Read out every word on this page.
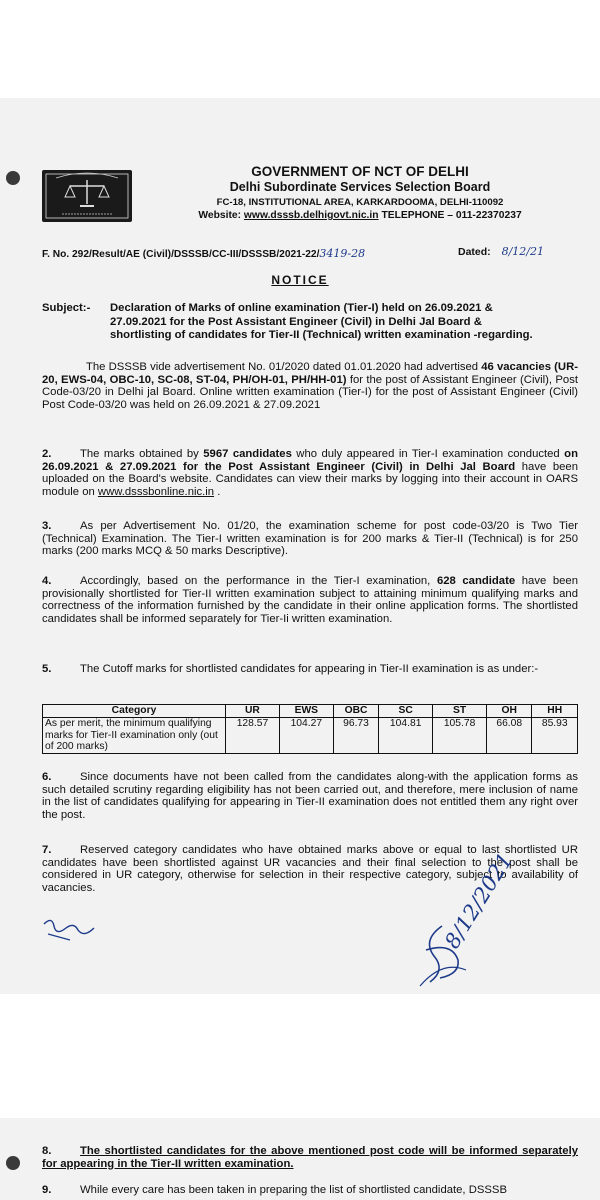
GOVERNMENT OF NCT OF DELHI
Delhi Subordinate Services Selection Board
FC-18, INSTITUTIONAL AREA, KARKARDOOMA, DELHI-110092
Website: www.dsssb.delhigovt.nic.in TELEPHONE – 011-22370237
F. No. 292/Result/AE (Civil)/DSSSB/CC-III/DSSSB/2021-22/3419-28	Dated: 8/12/21
NOTICE
Subject:- Declaration of Marks of online examination (Tier-I) held on 26.09.2021 &
27.09.2021 for the Post Assistant Engineer (Civil) in Delhi Jal Board &
shortlisting of candidates for Tier-II (Technical) written examination -regarding.
The DSSSB vide advertisement No. 01/2020 dated 01.01.2020 had advertised 46 vacancies (UR-20, EWS-04, OBC-10, SC-08, ST-04, PH/OH-01, PH/HH-01) for the post of Assistant Engineer (Civil), Post Code-03/20 in Delhi jal Board. Online written examination (Tier-I) for the post of Assistant Engineer (Civil) Post Code-03/20 was held on 26.09.2021 & 27.09.2021
2.	The marks obtained by 5967 candidates who duly appeared in Tier-I examination conducted on 26.09.2021 & 27.09.2021 for the Post Assistant Engineer (Civil) in Delhi Jal Board have been uploaded on the Board's website. Candidates can view their marks by logging into their account in OARS module on www.dsssbonline.nic.in .
3.	As per Advertisement No. 01/20, the examination scheme for post code-03/20 is Two Tier (Technical) Examination. The Tier-I written examination is for 200 marks & Tier-II (Technical) is for 250 marks (200 marks MCQ & 50 marks Descriptive).
4.	Accordingly, based on the performance in the Tier-I examination, 628 candidate have been provisionally shortlisted for Tier-II written examination subject to attaining minimum qualifying marks and correctness of the information furnished by the candidate in their online application forms. The shortlisted candidates shall be informed separately for Tier-Ii written examination.
5.	The Cutoff marks for shortlisted candidates for appearing in Tier-II examination is as under:-
Category	UR	EWS	OBC	SC	ST	OH	HH
As per merit, the minimum qualifying marks for Tier-II examination only (out of 200 marks)	128.57	104.27	96.73	104.81	105.78	66.08	85.93
6.	Since documents have not been called from the candidates along-with the application forms as such detailed scrutiny regarding eligibility has not been carried out, and therefore, mere inclusion of name in the list of candidates qualifying for appearing in Tier-II examination does not entitled them any right over the post.
7.	Reserved category candidates who have obtained marks above or equal to last shortlisted UR candidates have been shortlisted against UR vacancies and their final selection to the post shall be considered in UR category, otherwise for selection in their respective category, subject to availability of vacancies.	8/12/2021
8.	The shortlisted candidates for the above mentioned post code will be informed separately for appearing in the Tier-II written examination.
9.	While every care has been taken in preparing the list of shortlisted candidate, DSSSB
